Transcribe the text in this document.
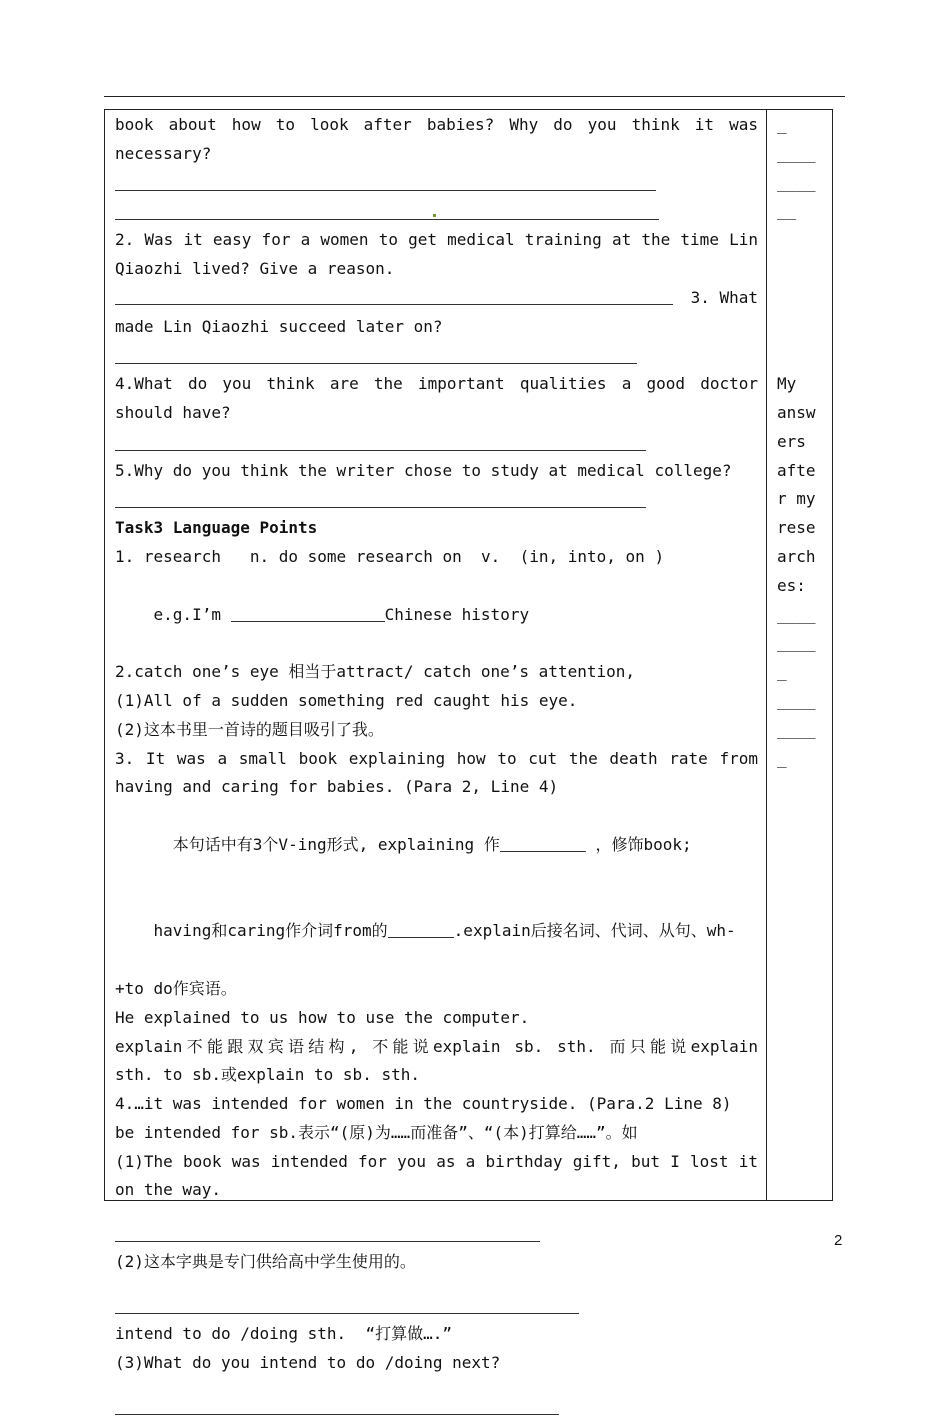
book about how to look after babies? Why do you think it was
necessary?
2. Was it easy for a women to get medical training at the time Lin
Qiaozhi lived? Give a reason.
3. What
made Lin Qiaozhi succeed later on?
4.What do you think are the important qualities a good doctor
should have?
5.Why do you think the writer chose to study at medical college?
Task3 Language Points
1. research   n. do some research on  v.  (in, into, on )

e.g.I’m	Chinese history

2.catch one’s eye 相当于attract/ catch one’s attention,
(1)All of a sudden something red caught his eye.
(2)这本书里一首诗的题目吸引了我。
3. It was a small book explaining how to cut the death rate from
having and caring for babies. (Para 2, Line 4)

本句话中有3个V-ing形式, explaining 作	，修饰book;

having和caring作介词from的	.explain后接名词、代词、从句、wh-

+to do作宾语。
He explained to us how to use the computer.
explain不能跟双宾语结构, 不能说explain sb. sth. 而只能说explain
sth. to sb.或explain to sb. sth.
4.…it was intended for women in the countryside. (Para.2 Line 8)
be intended for sb.表示“(原)为……而准备”、“(本)打算给……”。如
(1)The book was intended for you as a birthday gift, but I lost it
on the way.
(2)这本字典是专门供给高中学生使用的。
intend to do /doing sth.  “打算做….”
(3)What do you intend to do /doing next?
_
____
____
__
My
answ
ers
afte
r my
rese
arch
es:
____
____
_
____
____
_
2
